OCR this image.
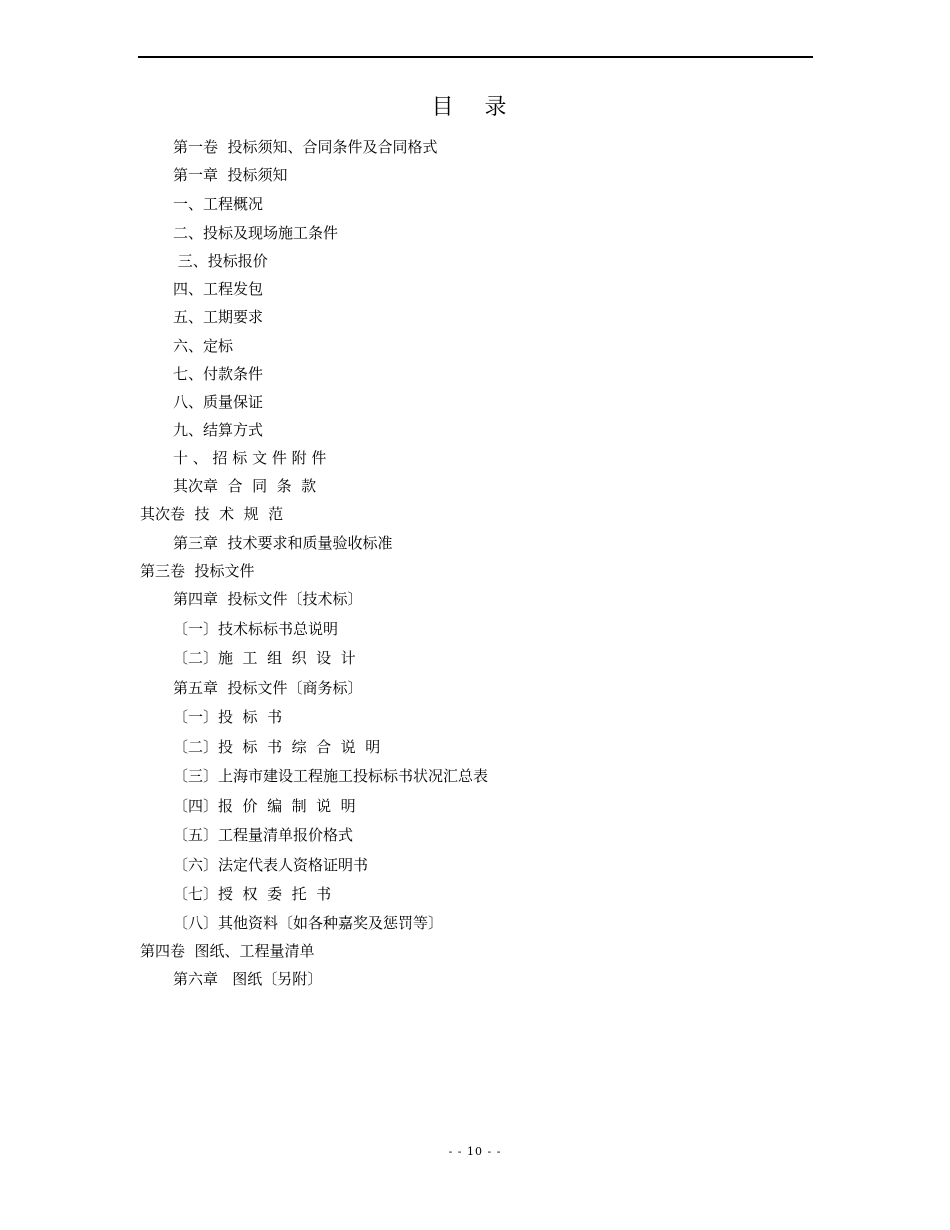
目 录
第一卷  投标须知、合同条件及合同格式
第一章  投标须知
一、工程概况
二、投标及现场施工条件
三、投标报价
四、工程发包
五、工期要求
六、定标
七、付款条件
八、质量保证
九、结算方式
十 、 招 标 文 件 附 件
其次章  合  同  条  款
其次卷  技  术  规  范
第三章  技术要求和质量验收标准
第三卷  投标文件
第四章  投标文件〔技术标〕
〔一〕技术标标书总说明
〔二〕施  工  组  织  设  计
第五章  投标文件〔商务标〕
〔一〕投  标  书
〔二〕投  标  书  综  合  说  明
〔三〕上海市建设工程施工投标标书状况汇总表
〔四〕报  价  编  制  说  明
〔五〕工程量清单报价格式
〔六〕法定代表人资格证明书
〔七〕授  权  委  托  书
〔八〕其他资料〔如各种嘉奖及惩罚等〕
第四卷  图纸、工程量清单
第六章   图纸〔另附〕
- - 10 - -
